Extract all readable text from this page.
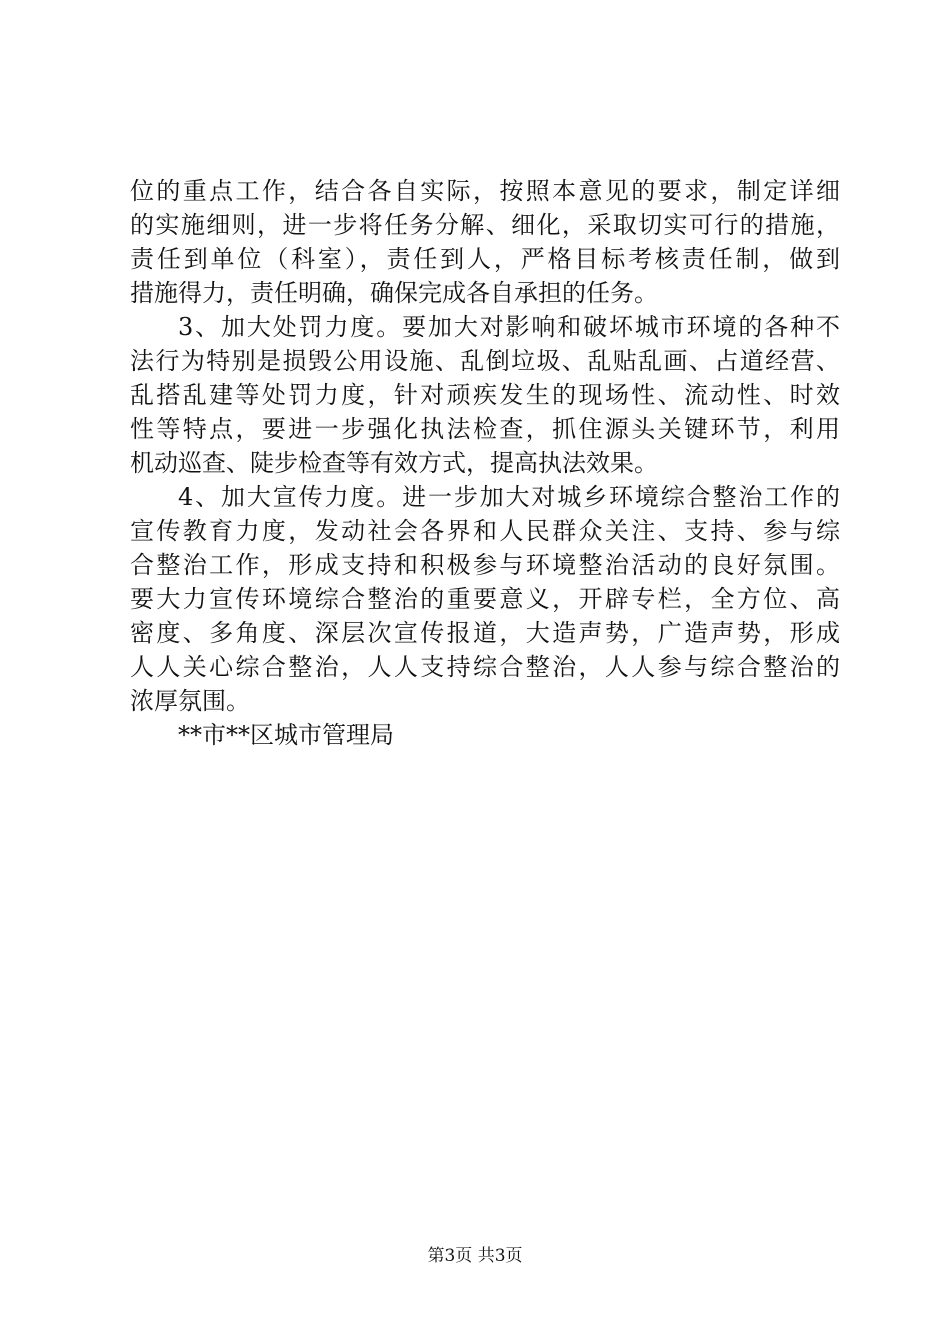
位的重点工作，结合各自实际，按照本意见的要求，制定详细
的实施细则，进一步将任务分解、细化，采取切实可行的措施，
责任到单位（科室），责任到人，严格目标考核责任制，做到
措施得力，责任明确，确保完成各自承担的任务。
3、加大处罚力度。要加大对影响和破坏城市环境的各种不
法行为特别是损毁公用设施、乱倒垃圾、乱贴乱画、占道经营、
乱搭乱建等处罚力度，针对顽疾发生的现场性、流动性、时效
性等特点，要进一步强化执法检查，抓住源头关键环节，利用
机动巡查、陡步检查等有效方式，提高执法效果。
4、加大宣传力度。进一步加大对城乡环境综合整治工作的
宣传教育力度，发动社会各界和人民群众关注、支持、参与综
合整治工作，形成支持和积极参与环境整治活动的良好氛围。
要大力宣传环境综合整治的重要意义，开辟专栏，全方位、高
密度、多角度、深层次宣传报道，大造声势，广造声势，形成
人人关心综合整治，人人支持综合整治，人人参与综合整治的
浓厚氛围。
**市**区城市管理局
第3页 共3页
